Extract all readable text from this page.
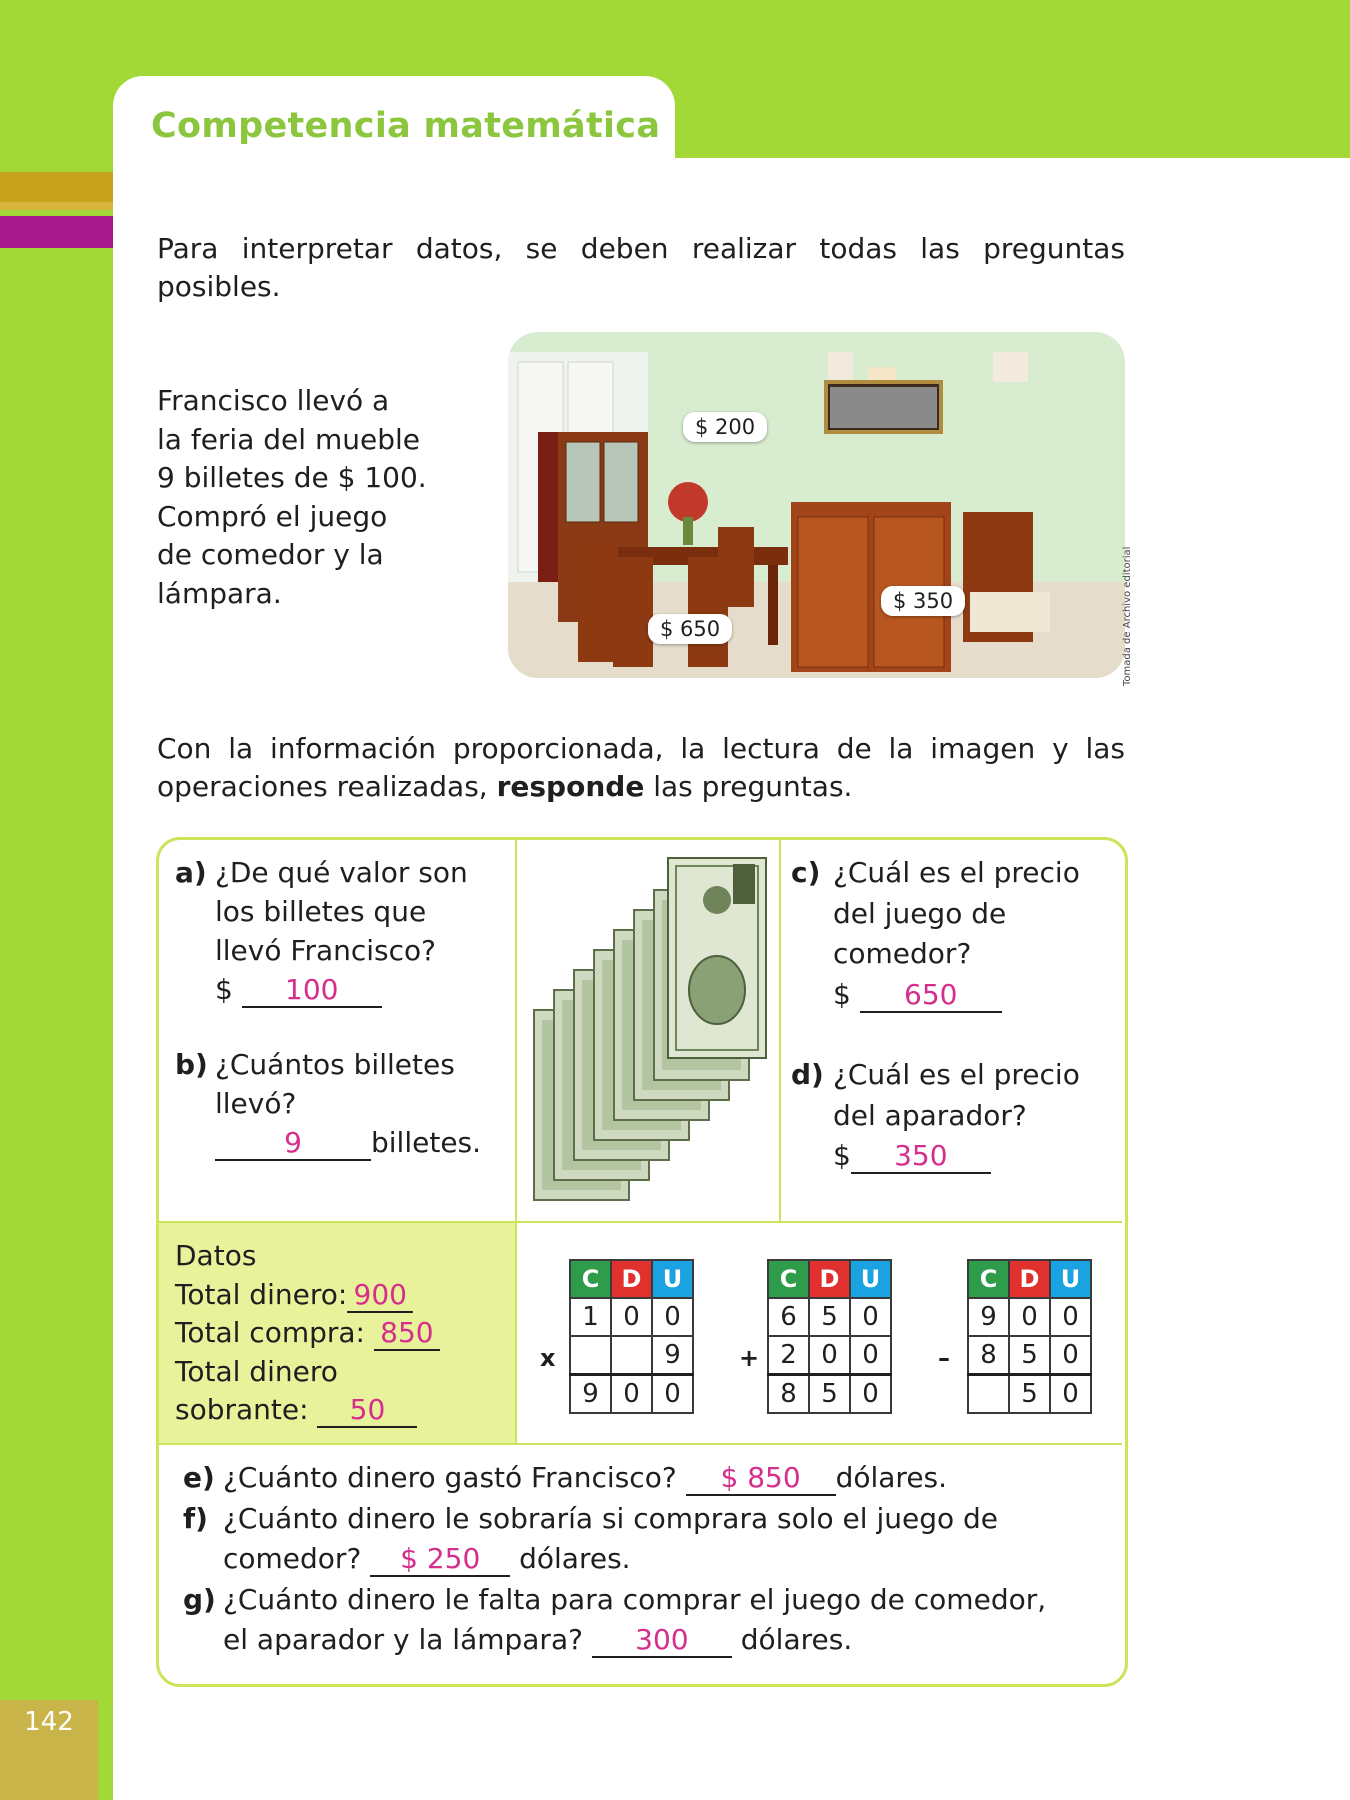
Competencia matemática
142
Para interpretar datos, se deben realizar todas las preguntas posibles.
Francisco llevó a
la feria del mueble
9 billetes de $ 100.
Compró el juego
de comedor y la
lámpara.
$ 200
$ 650
$ 350	Tomada de Archivo editorial
Con la información proporcionada, la lectura de la imagen y las operaciones realizadas, responde las preguntas.
a) ¿De qué valor son
los billetes que
llevó Francisco?
$ 100
b) ¿Cuántos billetes
llevó?
9 billetes.
c) ¿Cuál es el precio
del juego de
comedor?
$ 650
d) ¿Cuál es el precio
del aparador?
$ 350
Datos
Total dinero: 900
Total compra: 850
Total dinero
sobrante: 50
x
C	D	U
1	0	0
		9
9	0	0
+
C	D	U
6	5	0
2	0	0
8	5	0
–
C	D	U
9	0	0
8	5	0
	5	0
e) ¿Cuánto dinero gastó Francisco? $ 850 dólares.
f) ¿Cuánto dinero le sobraría si comprara solo el juego de
comedor? $ 250 dólares.
g) ¿Cuánto dinero le falta para comprar el juego de comedor,
el aparador y la lámpara? 300 dólares.
